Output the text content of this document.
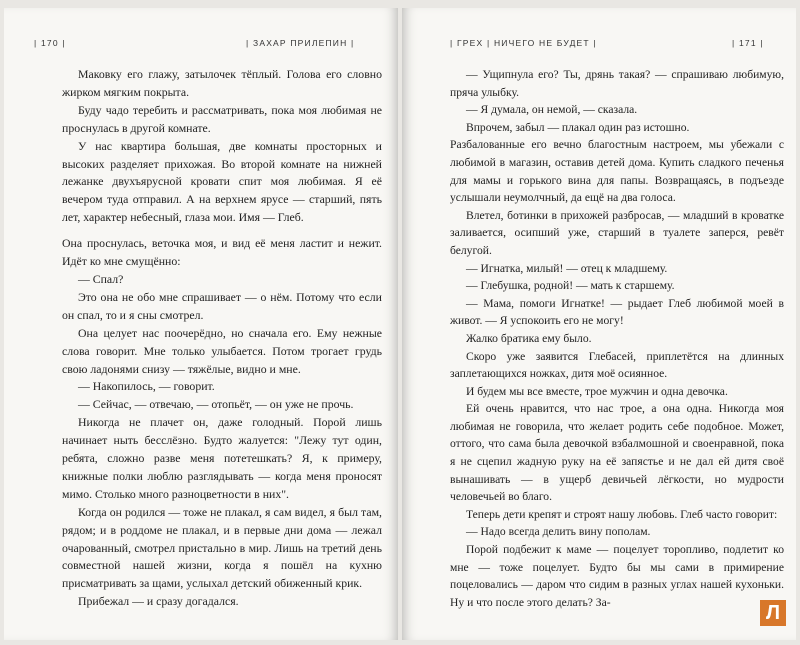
| 170 |	| ЗАХАР ПРИЛЕПИН |

Маковку его глажу, затылочек тёплый. Голова его словно жирком мягким покрыта.

Буду чадо теребить и рассматривать, пока моя любимая не проснулась в другой комнате.

У нас квартира большая, две комнаты просторных и высоких разделяет прихожая. Во второй комнате на нижней лежанке двухъярусной кровати спит моя любимая. Я её вечером туда отправил. А на верхнем ярусе — старший, пять лет, характер небесный, глаза мои. Имя — Глеб.

Она проснулась, веточка моя, и вид её меня ластит и нежит. Идёт ко мне смущённо:

— Спал?

Это она не обо мне спрашивает — о нём. Потому что если он спал, то и я сны смотрел.

Она целует нас поочерёдно, но сначала его. Ему нежные слова говорит. Мне только улыбается. Потом трогает грудь свою ладонями снизу — тяжёлые, видно и мне.

— Накопилось, — говорит.

— Сейчас, — отвечаю, — отопьёт, — он уже не прочь.

Никогда не плачет он, даже голодный. Порой лишь начинает ныть бесслёзно. Будто жалуется: "Лежу тут один, ребята, сложно разве меня потетешкать? Я, к примеру, книжные полки люблю разглядывать — когда меня проносят мимо. Столько много разноцветности в них".

Когда он родился — тоже не плакал, я сам видел, я был там, рядом; и в роддоме не плакал, и в первые дни дома — лежал очарованный, смотрел пристально в мир. Лишь на третий день совместной нашей жизни, когда я пошёл на кухню присматривать за щами, услыхал детский обиженный крик.

Прибежал — и сразу догадался.

| ГРЕХ | НИЧЕГО НЕ БУДЕТ |	| 171 |

— Ущипнула его? Ты, дрянь такая? — спрашиваю любимую, пряча улыбку.

— Я думала, он немой, — сказала.

Впрочем, забыл — плакал один раз истошно.

Разбалованные его вечно благостным настроем, мы убежали с любимой в магазин, оставив детей дома. Купить сладкого печенья для мамы и горького вина для папы. Возвращаясь, в подъезде услышали неумолчный, да ещё на два голоса.

Влетел, ботинки в прихожей разбросав, — младший в кроватке заливается, осипший уже, старший в туалете заперся, ревёт белугой.

— Игнатка, милый! — отец к младшему.

— Глебушка, родной! — мать к старшему.

— Мама, помоги Игнатке! — рыдает Глеб любимой моей в живот. — Я успокоить его не могу!

Жалко братика ему было.

Скоро уже заявится Глебасей, приплетётся на длинных заплетающихся ножках, дитя моё осиянное.

И будем мы все вместе, трое мужчин и одна девочка.

Ей очень нравится, что нас трое, а она одна. Никогда моя любимая не говорила, что желает родить себе подобное. Может, оттого, что сама была девочкой взбалмошной и своенравной, пока я не сцепил жадную руку на её запястье и не дал ей дитя своё вынашивать — в ущерб девичьей лёгкости, но мудрости человечьей во благо.

Теперь дети крепят и строят нашу любовь. Глеб часто говорит:

— Надо всегда делить вину пополам.

Порой подбежит к маме — поцелует торопливо, подлетит ко мне — тоже поцелует. Будто бы мы сами в примирение поцеловались — даром что сидим в разных углах нашей кухоньки. Ну и что после этого делать? За-	Л
